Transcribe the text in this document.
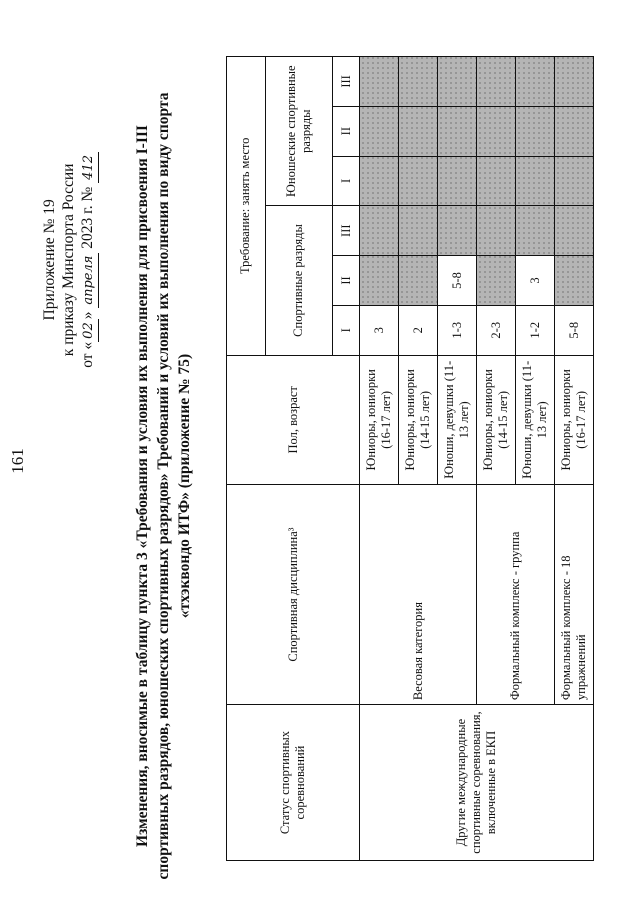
161
Приложение № 19 к приказу Минспорта России от «02» апреля 2023 г. № 412 Изменения, вносимые в таблицу пункта 3 «Требования и условия их выполнения для присвоения I-III спортивных разрядов, юношеских спортивных разрядов» Требований и условий их выполнения по виду спорта «тхэквондо ИТФ» (приложение № 75)
Статус спортивных соревнований	Спортивная дисциплина³	Пол, возраст	Требование: занять место					
			Спортивные разряды			Юношеские спортивные разряды		
			I	II	III	I	II	III
Другие международные спортивные соревнования, включенные в ЕКП	Весовая категория	Юниоры, юниорки (16-17 лет)	3					
		Юниоры, юниорки (14-15 лет)	2					
		Юноши, девушки (11-13 лет)	1-3	5-8				
	Формальный комплекс - группа	Юниоры, юниорки (14-15 лет)	2-3					
		Юноши, девушки (11-13 лет)	1-2	3				
	Формальный комплекс - 18 упражнений	Юниоры, юниорки (16-17 лет)	5-8					
